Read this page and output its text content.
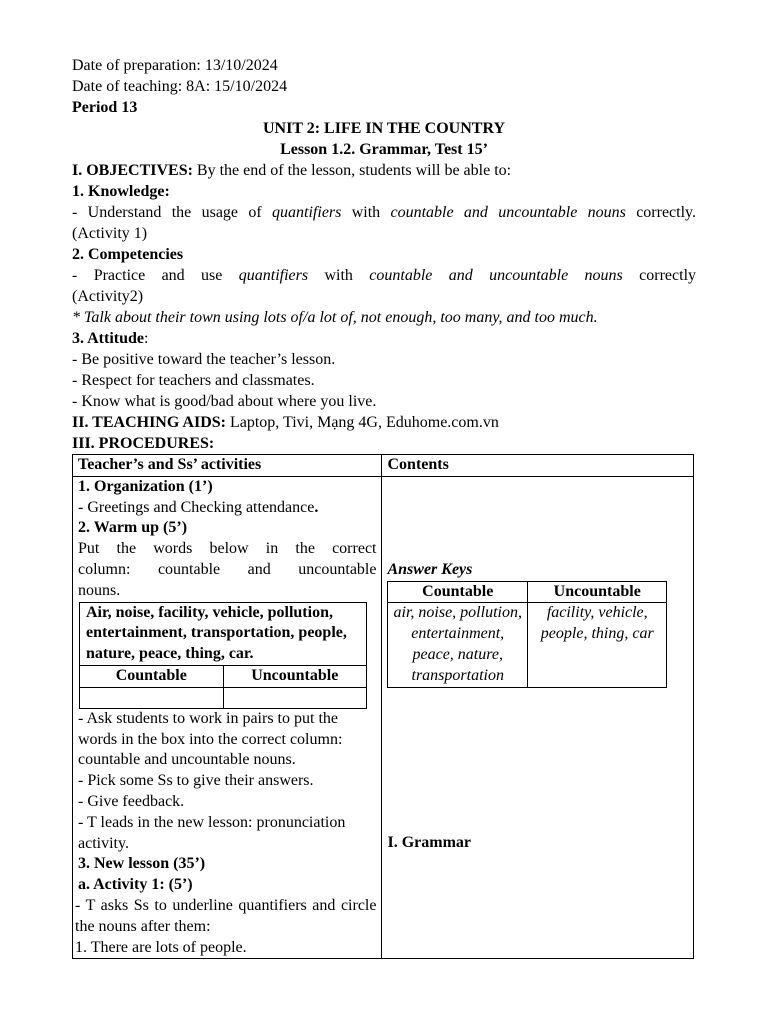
Date of preparation: 13/10/2024
Date of teaching: 8A: 15/10/2024
Period 13
UNIT 2: LIFE IN THE COUNTRY
Lesson 1.2. Grammar, Test 15’
I. OBJECTIVES: By the end of the lesson, students will be able to:
1. Knowledge:
- Understand the usage of quantifiers with countable and uncountable nouns correctly.
(Activity 1)
2. Competencies
- Practice and use quantifiers with countable and uncountable nouns correctly
(Activity2)
* Talk about their town using lots of/a lot of, not enough, too many, and too much.
3. Attitude:
- Be positive toward the teacher’s lesson.
- Respect for teachers and classmates.
- Know what is good/bad about where you live.
II. TEACHING AIDS: Laptop, Tivi, Mạng 4G, Eduhome.com.vn
III. PROCEDURES:
Teacher’s and Ss’ activities	Contents

1. Organization (1’)
- Greetings and Checking attendance.
2. Warm up (5’)
Put the words below in the correct
column: countable and uncountable
nouns.
Air, noise, facility, vehicle, pollution, entertainment, transportation, people, nature, peace, thing, car.
Countable	Uncountable

- Ask students to work in pairs to put the words in the box into the correct column: countable and uncountable nouns.
- Pick some Ss to give their answers.
- Give feedback.
- T leads in the new lesson: pronunciation activity.
3. New lesson (35’)
a. Activity 1: (5’)
- T asks Ss to underline quantifiers and circle the nouns after them:
1. There are lots of people.

Answer Keys
Countable	Uncountable
air, noise, pollution, entertainment, peace, nature, transportation	facility, vehicle, people, thing, car
I. Grammar
